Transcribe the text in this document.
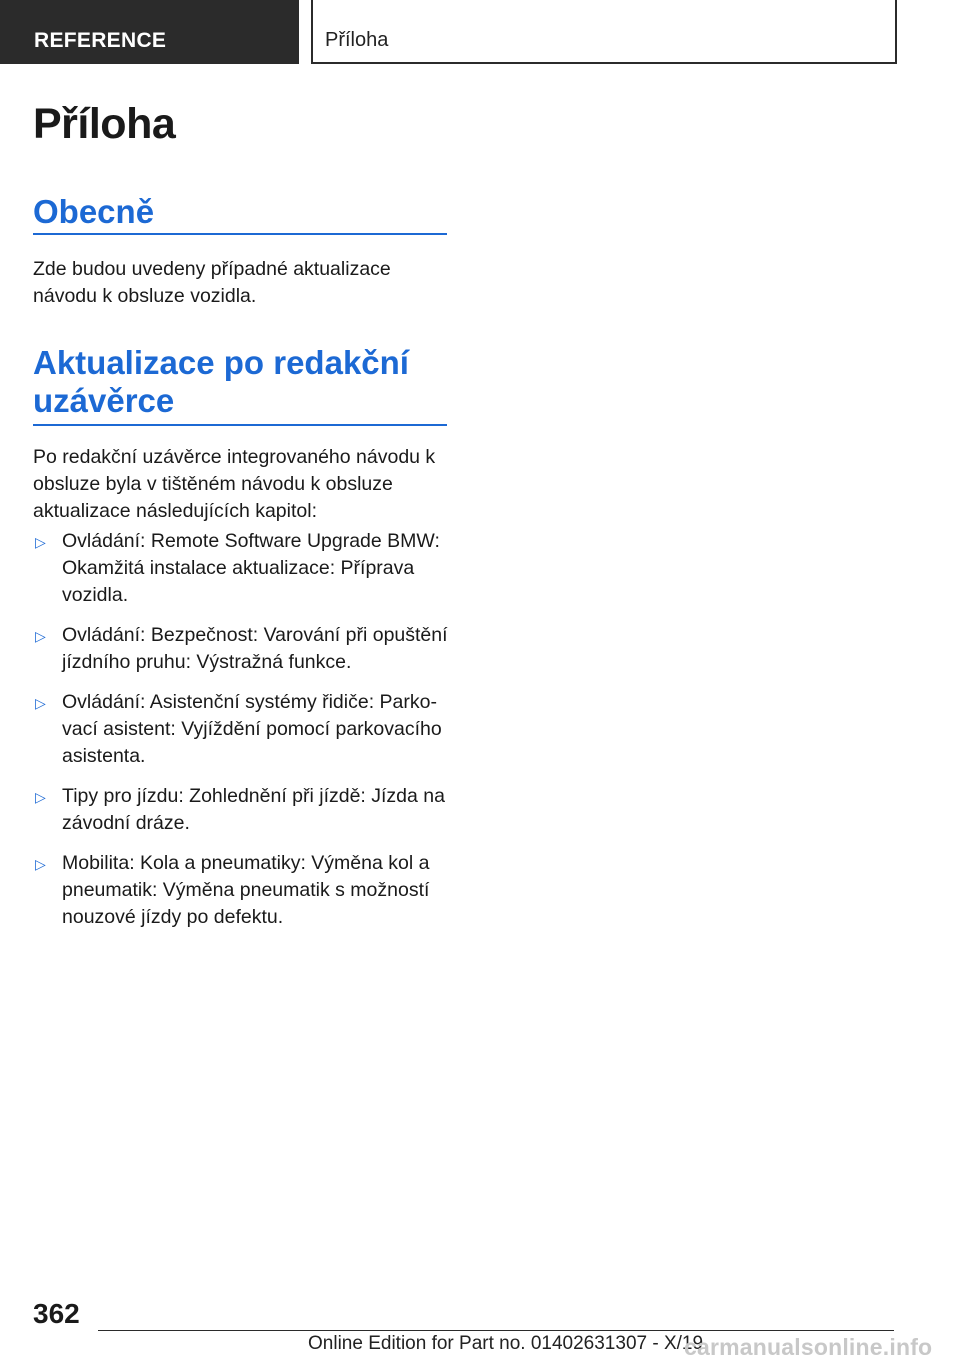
REFERENCE	Příloha
Příloha
Obecně

Zde budou uvedeny případné aktualizace návodu k obsluze vozidla.

Aktualizace po redakční uzávěrce

Po redakční uzávěrce integrovaného návodu k obsluze byla v tištěném návodu k obsluze aktualizace následujících kapitol:

▷ Ovládání: Remote Software Upgrade BMW: Okamžitá instalace aktualizace: Příprava vozidla.
▷ Ovládání: Bezpečnost: Varování při opuštění jízdního pruhu: Výstražná funkce.
▷ Ovládání: Asistenční systémy řidiče: Parkovací asistent: Vyjíždění pomocí parkovacího asistenta.
▷ Tipy pro jízdu: Zohlednění při jízdě: Jízda na závodní dráze.
▷ Mobilita: Kola a pneumatiky: Výměna kol a pneumatik: Výměna pneumatik s možností nouzové jízdy po defektu.
362
Online Edition for Part no. 01402631307 - X/19
carmanualsonline.info
